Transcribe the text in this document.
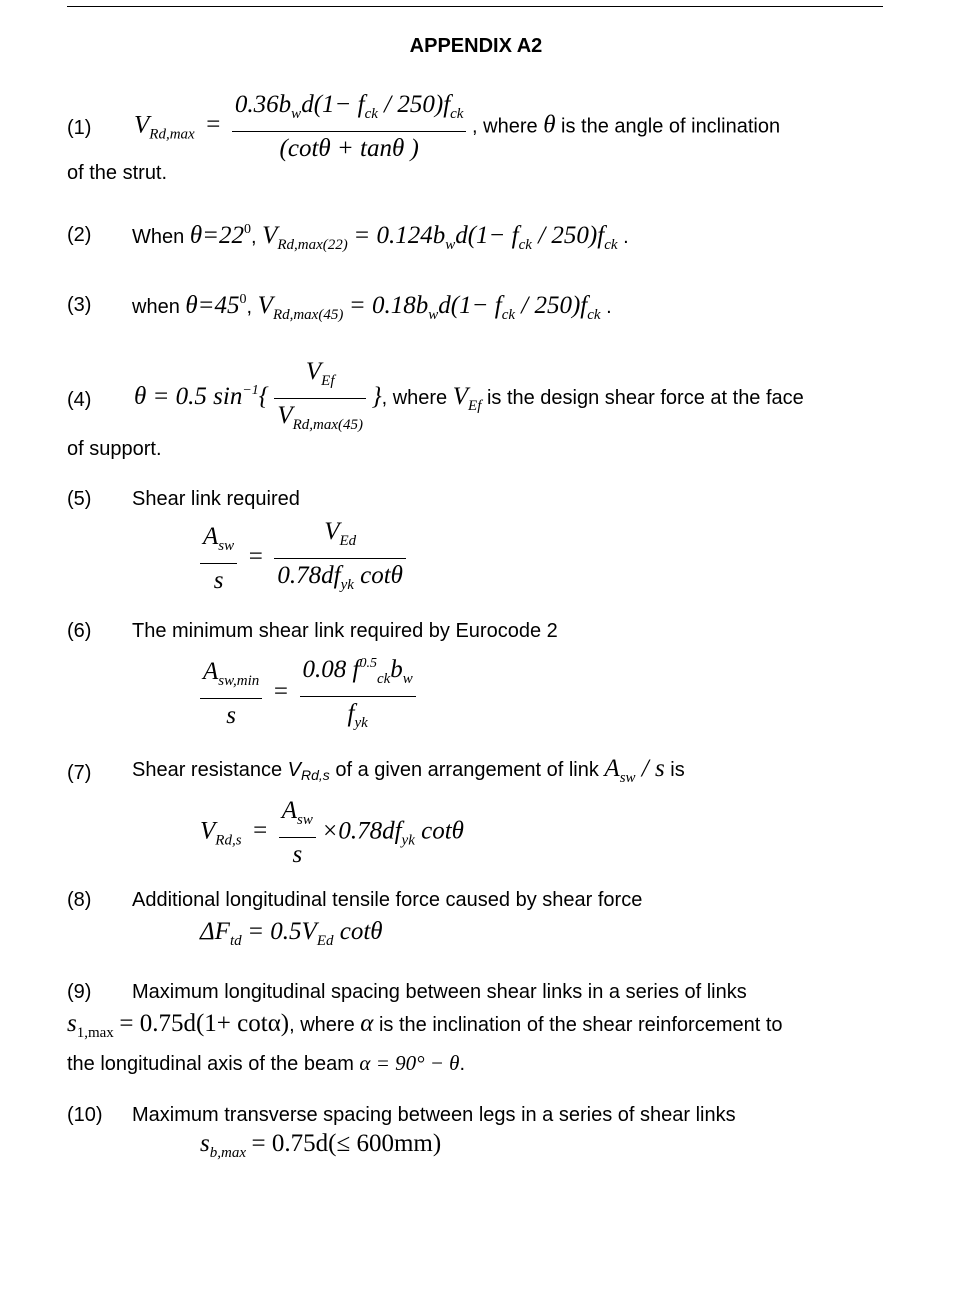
APPENDIX A2
(1) $V_{Rd,max} = \frac{0.36b_wd(1- f_{ck} / 250)f_{ck}}{(\cot\theta + \tan\theta )}$ , where θ is the angle of inclination
of the strut.
(2) When $\theta=22^0$, $V_{Rd,max(22)} = 0.124b_wd(1- f_{ck} / 250)f_{ck}$ .
(3) when $\theta=45^0$, $V_{Rd,max(45)} = 0.18b_wd(1- f_{ck} / 250)f_{ck}$ .
(4) θ = 0.5 $\sin^{-1}\{ \frac{V_{Ef}}{V_{Rd,max(45)}}$ }, where $V_{Ef}$ is the design shear force at the face
of support.
(5) Shear link required
$\frac{A_{sw}}{s} = \frac{V_{Ed}}{0.78df_{yk} \cot\theta}$
(6) The minimum shear link required by Eurocode 2
$\frac{A_{sw,min}}{s} = \frac{0.08 f^{0.5}_{ck}b_w}{f_{yk}}$
(7) Shear resistance $V_{Rd,s}$ of a given arrangement of link $A_{sw}$ / s is
$V_{Rd,s} = \frac{A_{sw}}{s} \times 0.78df_{yk}$ cotθ
(8) Additional longitudinal tensile force caused by shear force
$\Delta F_{td} = 0.5V_{Ed}$ cotθ
(9) Maximum longitudinal spacing between shear links in a series of links
$s_{1,max} = 0.75d(1+ \cot\alpha)$, where α is the inclination of the shear reinforcement to
the longitudinal axis of the beam α = 90° − θ.
(10) Maximum transverse spacing between legs in a series of shear links
$s_{b,max} = 0.75d(\le 600mm)$
